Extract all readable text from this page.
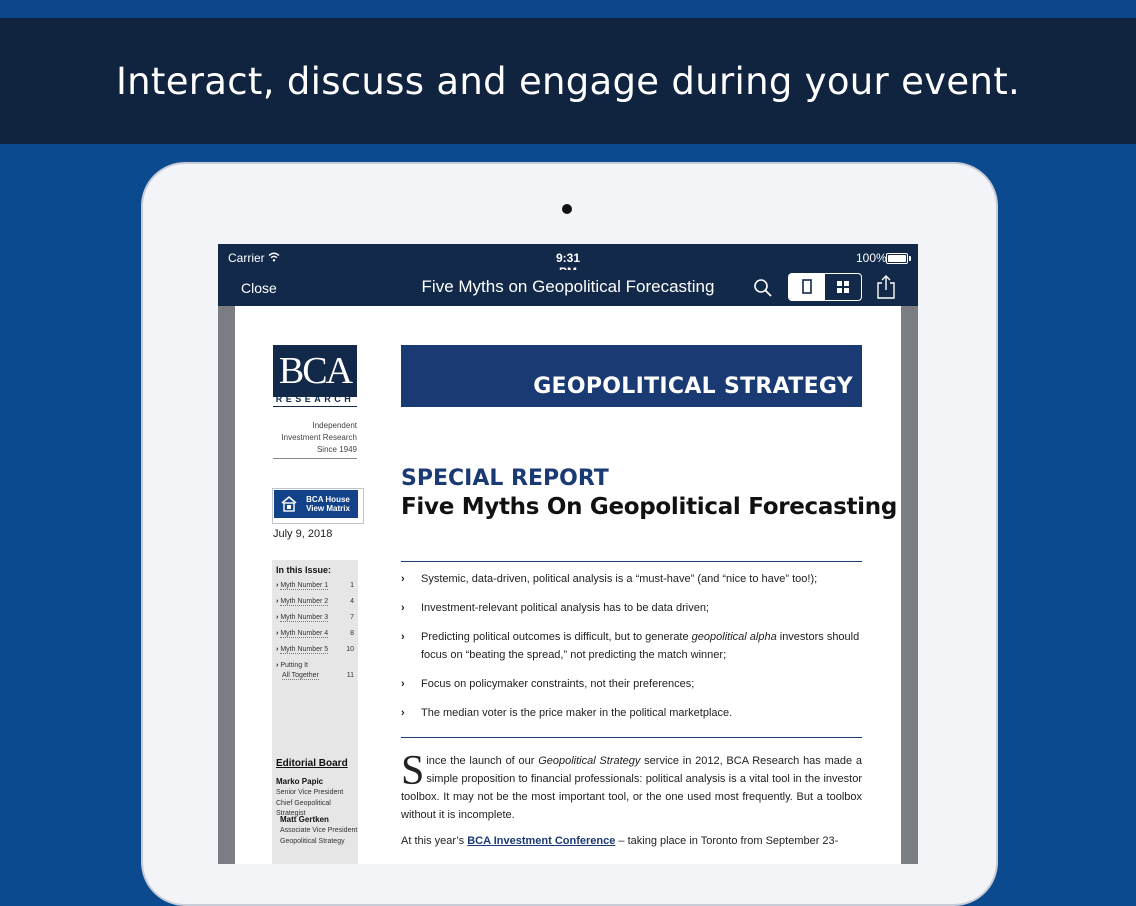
Interact, discuss and engage during your event.
Carrier	9:31	100%
Close	Five Myths on Geopolitical Forecasting
BCA
RESEARCH
Independent
Investment Research
Since 1949
BCA House
View Matrix
July 9, 2018
In this Issue:
› Myth Number 1	1
› Myth Number 2	4
› Myth Number 3	7
› Myth Number 4	8
› Myth Number 5	10
› Putting It
All Together	11
Editorial Board
Marko Papic
Senior Vice President
Chief Geopolitical Strategist
Matt Gertken
Associate Vice President
Geopolitical Strategy
GEOPOLITICAL STRATEGY
SPECIAL REPORT
Five Myths On Geopolitical Forecasting
› Systemic, data-driven, political analysis is a “must-have” (and “nice to have” too!);
› Investment-relevant political analysis has to be data driven;
› Predicting political outcomes is difficult, but to generate geopolitical alpha investors should focus on “beating the spread,” not predicting the match winner;
› Focus on policymaker constraints, not their preferences;
› The median voter is the price maker in the political marketplace.
Since the launch of our Geopolitical Strategy service in 2012, BCA Research has made a simple proposition to financial professionals: political analysis is a vital tool in the investor toolbox. It may not be the most important tool, or the one used most frequently. But a toolbox without it is incomplete.
At this year’s BCA Investment Conference – taking place in Toronto from September 23-
